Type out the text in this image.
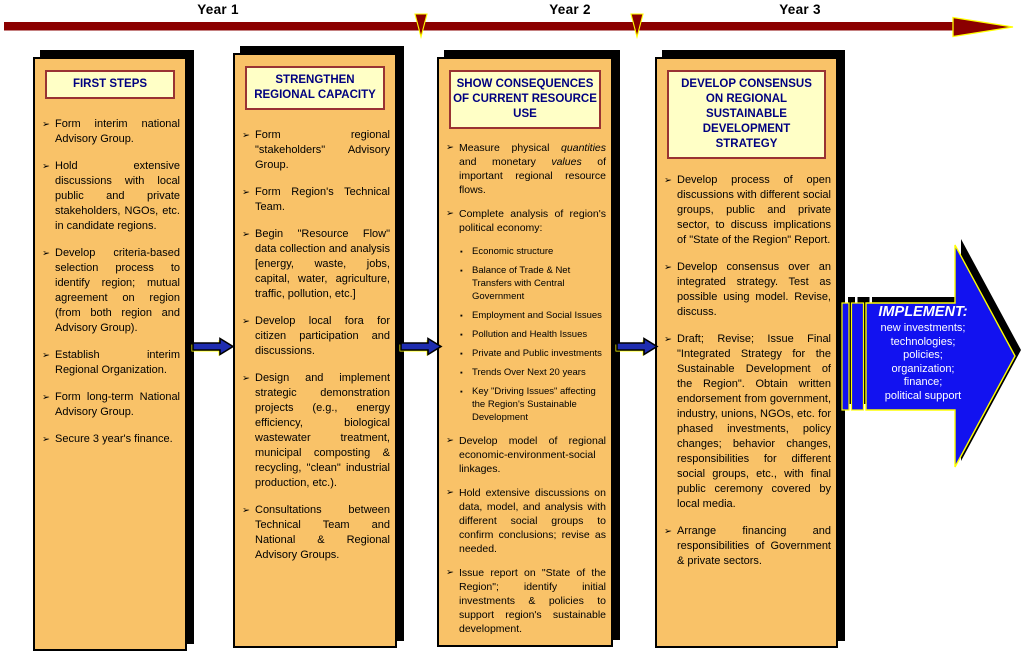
Year 1	Year 2	Year 3
FIRST STEPS
➢ Form interim national Advisory Group.
➢ Hold extensive discussions with local public and private stakeholders, NGOs, etc. in candidate regions.
➢ Develop criteria-based selection process to identify region; mutual agreement on region (from both region and Advisory Group).
➢ Establish interim Regional Organization.
➢ Form long-term National Advisory Group.
➢ Secure 3 year's finance.
STRENGTHEN REGIONAL CAPACITY
➢ Form regional "stakeholders" Advisory Group.
➢ Form Region's Technical Team.
➢ Begin "Resource Flow" data collection and analysis [energy, waste, jobs, capital, water, agriculture, traffic, pollution, etc.]
➢ Develop local fora for citizen participation and discussions.
➢ Design and implement strategic demonstration projects (e.g., energy efficiency, biological wastewater treatment, municipal composting & recycling, "clean" industrial production, etc.).
➢ Consultations between Technical Team and National & Regional Advisory Groups.
SHOW CONSEQUENCES OF CURRENT RESOURCE USE
➢ Measure physical quantities and monetary values of important regional resource flows.
➢ Complete analysis of region's political economy:
▪ Economic structure
▪ Balance of Trade & Net Transfers with Central Government
▪ Employment and Social Issues
▪ Pollution and Health Issues
▪ Private and Public investments
▪ Trends Over Next 20 years
▪ Key "Driving Issues" affecting the Region's Sustainable Development
➢ Develop model of regional economic-environment-social linkages.
➢ Hold extensive discussions on data, model, and analysis with different social groups to confirm conclusions; revise as needed.
➢ Issue report on "State of the Region"; identify initial investments & policies to support region's sustainable development.
DEVELOP CONSENSUS ON REGIONAL SUSTAINABLE DEVELOPMENT STRATEGY
➢ Develop process of open discussions with different social groups, public and private sector, to discuss implications of "State of the Region" Report.
➢ Develop consensus over an integrated strategy. Test as possible using model. Revise, discuss.
➢ Draft; Revise; Issue Final "Integrated Strategy for the Sustainable Development of the Region". Obtain written endorsement from government, industry, unions, NGOs, etc. for phased investments, policy changes; behavior changes, responsibilities for different social groups, etc., with final public ceremony covered by local media.
➢ Arrange financing and responsibilities of Government & private sectors.
IMPLEMENT:
new investments;
technologies;
policies;
organization;
finance;
political support
